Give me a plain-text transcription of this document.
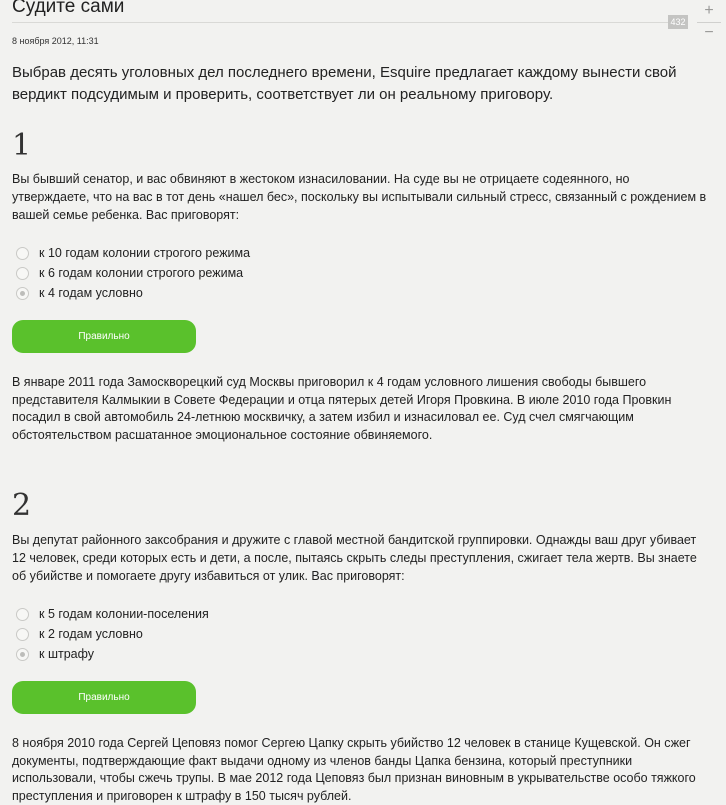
Судите сами
8 ноября 2012, 11:31
Выбрав десять уголовных дел последнего времени, Esquire предлагает каждому вынести свой вердикт подсудимым и проверить, соответствует ли он реальному приговору.
1
Вы бывший сенатор, и вас обвиняют в жестоком изнасиловании. На суде вы не отрицаете содеянного, но утверждаете, что на вас в тот день «нашел бес», поскольку вы испытывали сильный стресс, связанный с рождением в вашей семье ребенка. Вас приговорят:
к 10 годам колонии строгого режима
к 6 годам колонии строгого режима
к 4 годам условно
Правильно
В январе 2011 года Замоскворецкий суд Москвы приговорил к 4 годам условного лишения свободы бывшего представителя Калмыкии в Совете Федерации и отца пятерых детей Игоря Провкина. В июле 2010 года Провкин посадил в свой автомобиль 24-летнюю москвичку, а затем избил и изнасиловал ее. Суд счел смягчающим обстоятельством расшатанное эмоциональное состояние обвиняемого.
2
Вы депутат районного заксобрания и дружите с главой местной бандитской группировки. Однажды ваш друг убивает 12 человек, среди которых есть и дети, а после, пытаясь скрыть следы преступления, сжигает тела жертв. Вы знаете об убийстве и помогаете другу избавиться от улик. Вас приговорят:
к 5 годам колонии-поселения
к 2 годам условно
к штрафу
Правильно
8 ноября 2010 года Сергей Цеповяз помог Сергею Цапку скрыть убийство 12 человек в станице Кущевской. Он сжег документы, подтверждающие факт выдачи одному из членов банды Цапка бензина, который преступники использовали, чтобы сжечь трупы. В мае 2012 года Цеповяз был признан виновным в укрывательстве особо тяжкого преступления и приговорен к штрафу в 150 тысяч рублей.
432
+
−
